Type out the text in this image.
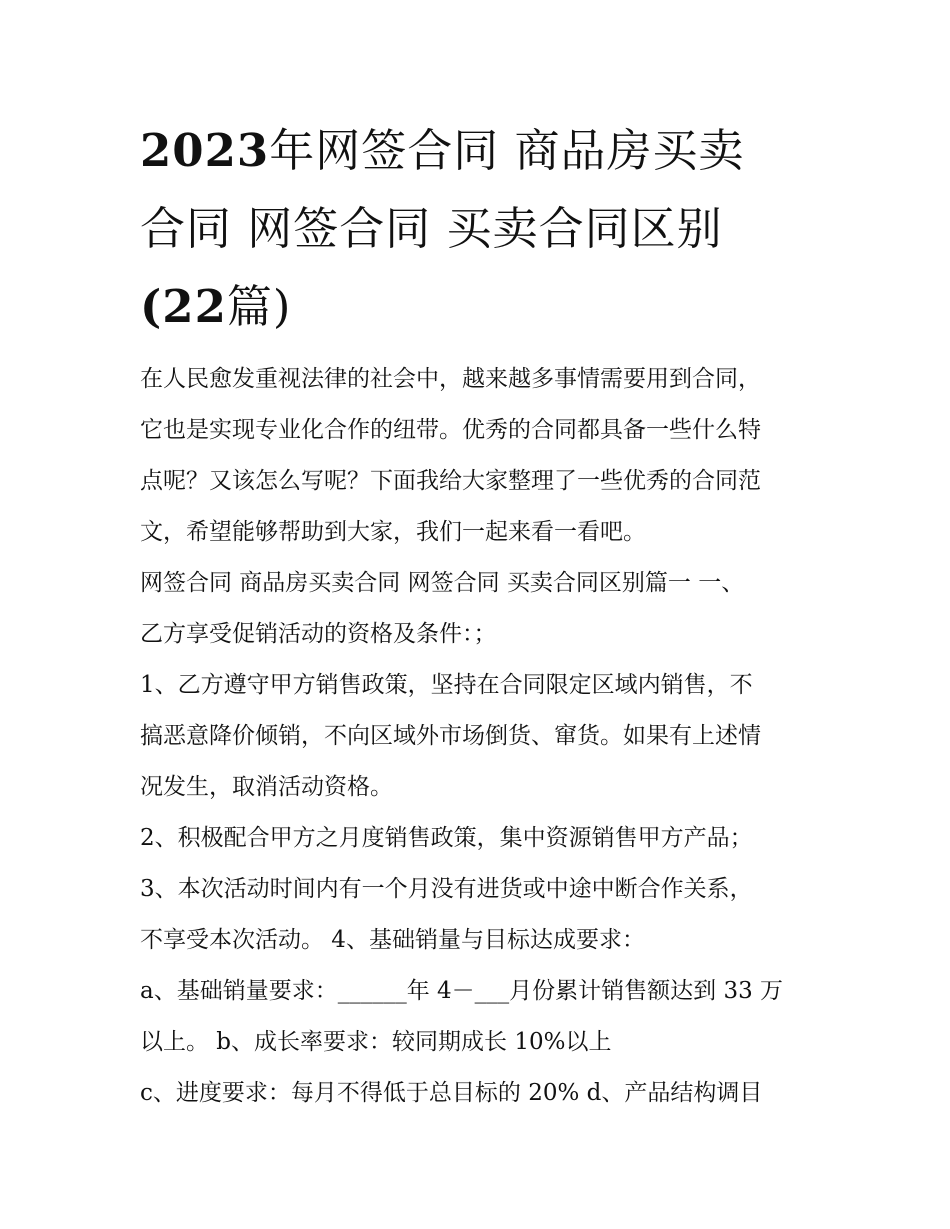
2023年网签合同 商品房买卖
合同 网签合同 买卖合同区别
(22篇)
在人民愈发重视法律的社会中，越来越多事情需要用到合同，
它也是实现专业化合作的纽带。优秀的合同都具备一些什么特
点呢？又该怎么写呢？下面我给大家整理了一些优秀的合同范
文，希望能够帮助到大家，我们一起来看一看吧。
网签合同 商品房买卖合同 网签合同 买卖合同区别篇一 一、
乙方享受促销活动的资格及条件：；
1、乙方遵守甲方销售政策，坚持在合同限定区域内销售，不
搞恶意降价倾销，不向区域外市场倒货、窜货。如果有上述情
况发生，取消活动资格。
2、积极配合甲方之月度销售政策，集中资源销售甲方产品；
3、本次活动时间内有一个月没有进货或中途中断合作关系，
不享受本次活动。 4、基础销量与目标达成要求：
a、基础销量要求：______年 4－___月份累计销售额达到 33 万
以上。 b、成长率要求：较同期成长 10%以上
c、进度要求：每月不得低于总目标的 20% d、产品结构调目
